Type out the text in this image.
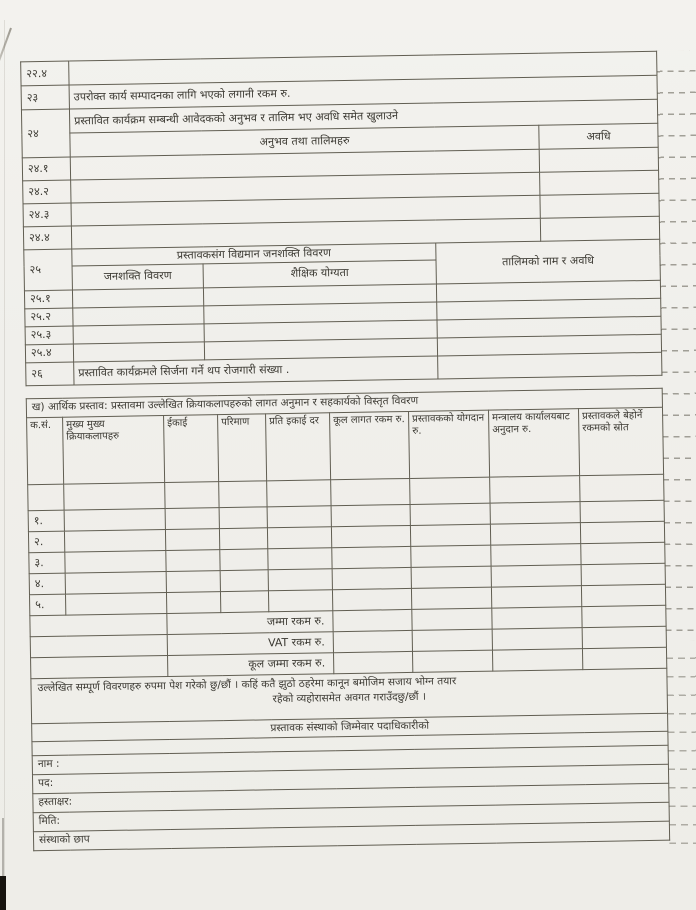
२२.४				
२३	उपरोक्त कार्य सम्पादनका लागि भएको लगानी रकम रु.			
२४	प्रस्तावित कार्यक्रम सम्बन्धी आवेदकको अनुभव र तालिम भए अवधि समेत खुलाउने			
	अनुभव तथा तालिमहरु			अवधि
२४.१				
२४.२				
२४.३				
२४.४				
२५	प्रस्तावकसंग विद्यमान जनशक्ति विवरण		तालिमको नाम र अवधि	
	जनशक्ति विवरण	शैक्षिक योग्यता		
२५.१				
२५.२				
२५.३				
२५.४				
२६	प्रस्तावित कार्यक्रमले सिर्जना गर्ने थप रोजगारी संख्या .			
ख) आर्थिक प्रस्ताव: प्रस्तावमा उल्लेखित क्रियाकलापहरुको लागत अनुमान र सहकार्यको विस्तृत विवरण								
क.सं.	मुख्य मुख्य क्रियाकलापहरु	ईकाई	परिमाण	प्रति इकाई दर	कूल लागत रकम रु.	प्रस्तावकको योगदान रु.	मन्त्रालय कार्यालयबाट अनुदान रु.	प्रस्तावकले बेहोर्ने रकमको स्रोत

१.								
२.								
३.								
४.								
५.								
		जम्मा रकम रु.						
		VAT रकम रु.						
		कूल जम्मा रकम रु.						

उल्लेखित सम्पूर्ण विवरणहरु रुपमा पेश गरेको छु/छौं । कहिं कतै झुठो ठहरेमा कानून बमोजिम सजाय भोग्न तयार
रहेको व्यहोरासमेत अवगत गराउँदछु/छौं ।								

प्रस्तावक संस्थाको जिम्मेवार पदाधिकारीको								

नाम :								
पद:								
हस्ताक्षर:								
मिति:								
संस्थाको छाप								
